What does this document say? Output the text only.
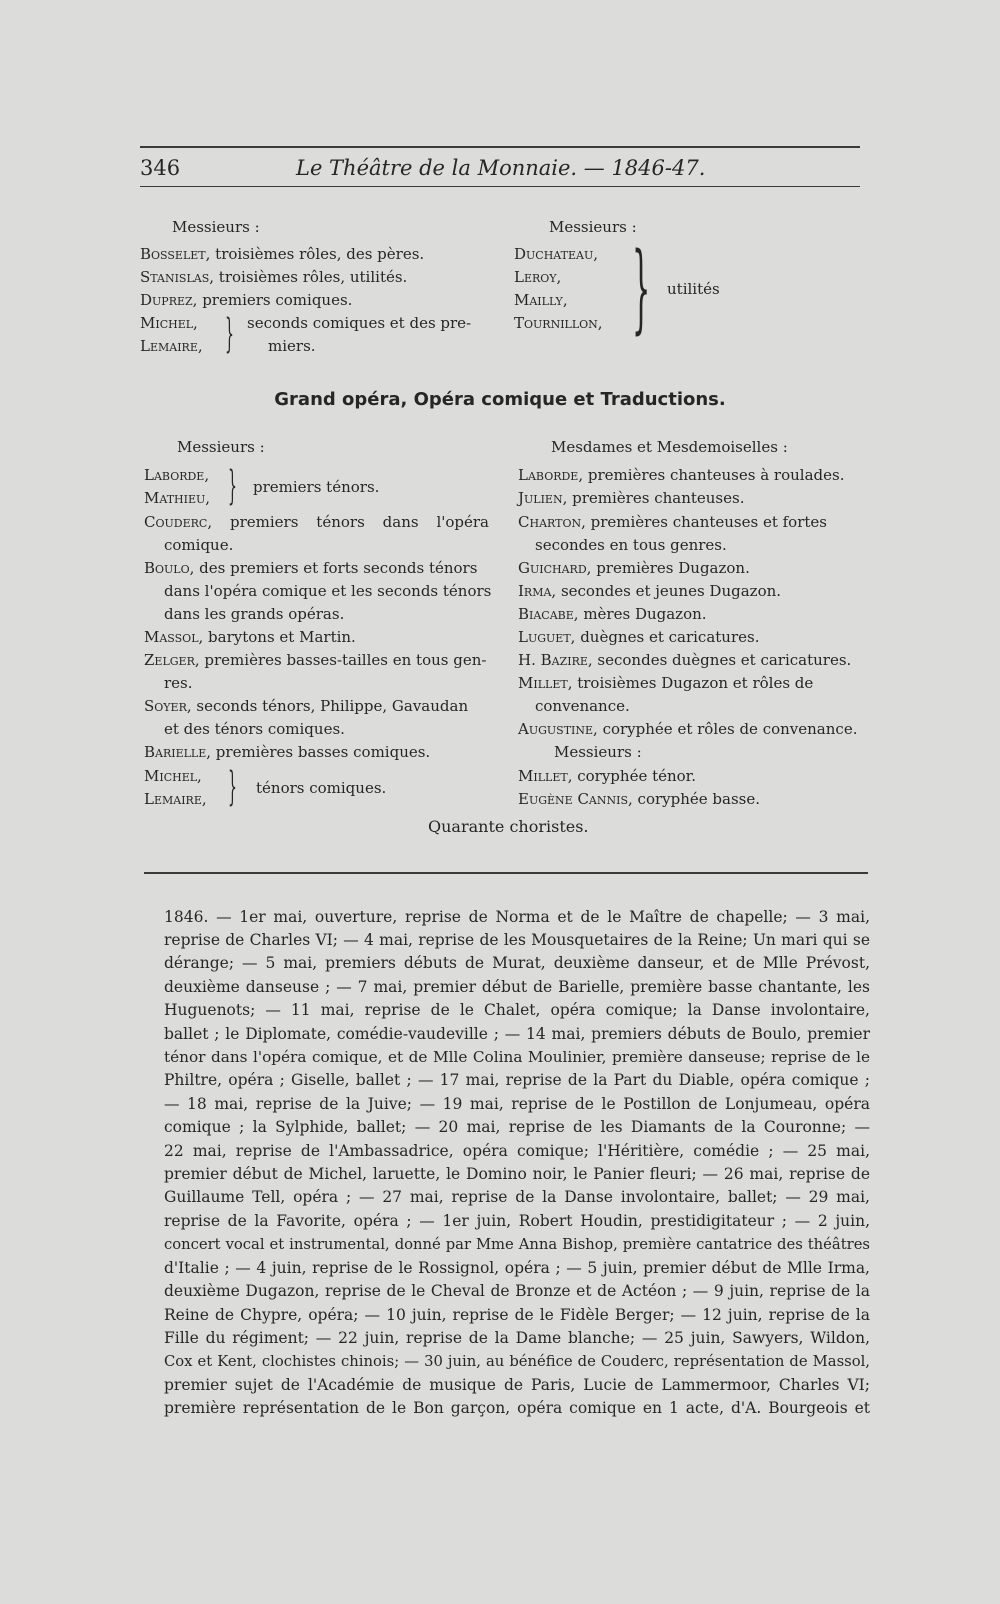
346	Le Théâtre de la Monnaie. — 1846-47.
Messieurs :
Bosselet, troisièmes rôles, des pères.
Stanislas, troisièmes rôles, utilités.
Duprez, premiers comiques.
Michel,
Lemaire, } seconds comiques et des pre-
miers.
Messieurs :
Duchateau,
Leroy,
Mailly,
Tournillon, } utilités
Grand opéra, Opéra comique et Traductions.
Messieurs :
Laborde,
Mathieu, } premiers ténors.
Couderc, premiers ténors dans l'opéra
comique.
Boulo, des premiers et forts seconds ténors
dans l'opéra comique et les seconds ténors
dans les grands opéras.
Massol, barytons et Martin.
Zelger, premières basses-tailles en tous gen-
res.
Soyer, seconds ténors, Philippe, Gavaudan
et des ténors comiques.
Barielle, premières basses comiques.
Michel,
Lemaire, } ténors comiques.
Mesdames et Mesdemoiselles :
Laborde, premières chanteuses à roulades.
Julien, premières chanteuses.
Charton, premières chanteuses et fortes
secondes en tous genres.
Guichard, premières Dugazon.
Irma, secondes et jeunes Dugazon.
Biacabe, mères Dugazon.
Luguet, duègnes et caricatures.
H. Bazire, secondes duègnes et caricatures.
Millet, troisièmes Dugazon et rôles de
convenance.
Augustine, coryphée et rôles de convenance.
Messieurs :
Millet, coryphée ténor.
Eugène Cannis, coryphée basse.
Quarante choristes.
1846. — 1er mai, ouverture, reprise de Norma et de le Maître de chapelle; — 3 mai,
reprise de Charles VI; — 4 mai, reprise de les Mousquetaires de la Reine; Un mari qui se
dérange; — 5 mai, premiers débuts de Murat, deuxième danseur, et de Mlle Prévost,
deuxième danseuse ; — 7 mai, premier début de Barielle, première basse chantante, les
Huguenots; — 11 mai, reprise de le Chalet, opéra comique; la Danse involontaire,
ballet ; le Diplomate, comédie-vaudeville ; — 14 mai, premiers débuts de Boulo, premier
ténor dans l'opéra comique, et de Mlle Colina Moulinier, première danseuse; reprise de le
Philtre, opéra ; Giselle, ballet ; — 17 mai, reprise de la Part du Diable, opéra comique ;
— 18 mai, reprise de la Juive; — 19 mai, reprise de le Postillon de Lonjumeau, opéra
comique ; la Sylphide, ballet; — 20 mai, reprise de les Diamants de la Couronne; —
22 mai, reprise de l'Ambassadrice, opéra comique; l'Héritière, comédie ; — 25 mai,
premier début de Michel, laruette, le Domino noir, le Panier fleuri; — 26 mai, reprise de
Guillaume Tell, opéra ; — 27 mai, reprise de la Danse involontaire, ballet; — 29 mai,
reprise de la Favorite, opéra ; — 1er juin, Robert Houdin, prestidigitateur ; — 2 juin,
concert vocal et instrumental, donné par Mme Anna Bishop, première cantatrice des théâtres
d'Italie ; — 4 juin, reprise de le Rossignol, opéra ; — 5 juin, premier début de Mlle Irma,
deuxième Dugazon, reprise de le Cheval de Bronze et de Actéon ; — 9 juin, reprise de la
Reine de Chypre, opéra; — 10 juin, reprise de le Fidèle Berger; — 12 juin, reprise de la
Fille du régiment; — 22 juin, reprise de la Dame blanche; — 25 juin, Sawyers, Wildon,
Cox et Kent, clochistes chinois; — 30 juin, au bénéfice de Couderc, représentation de Massol,
premier sujet de l'Académie de musique de Paris, Lucie de Lammermoor, Charles VI;
première représentation de le Bon garçon, opéra comique en 1 acte, d'A. Bourgeois et
